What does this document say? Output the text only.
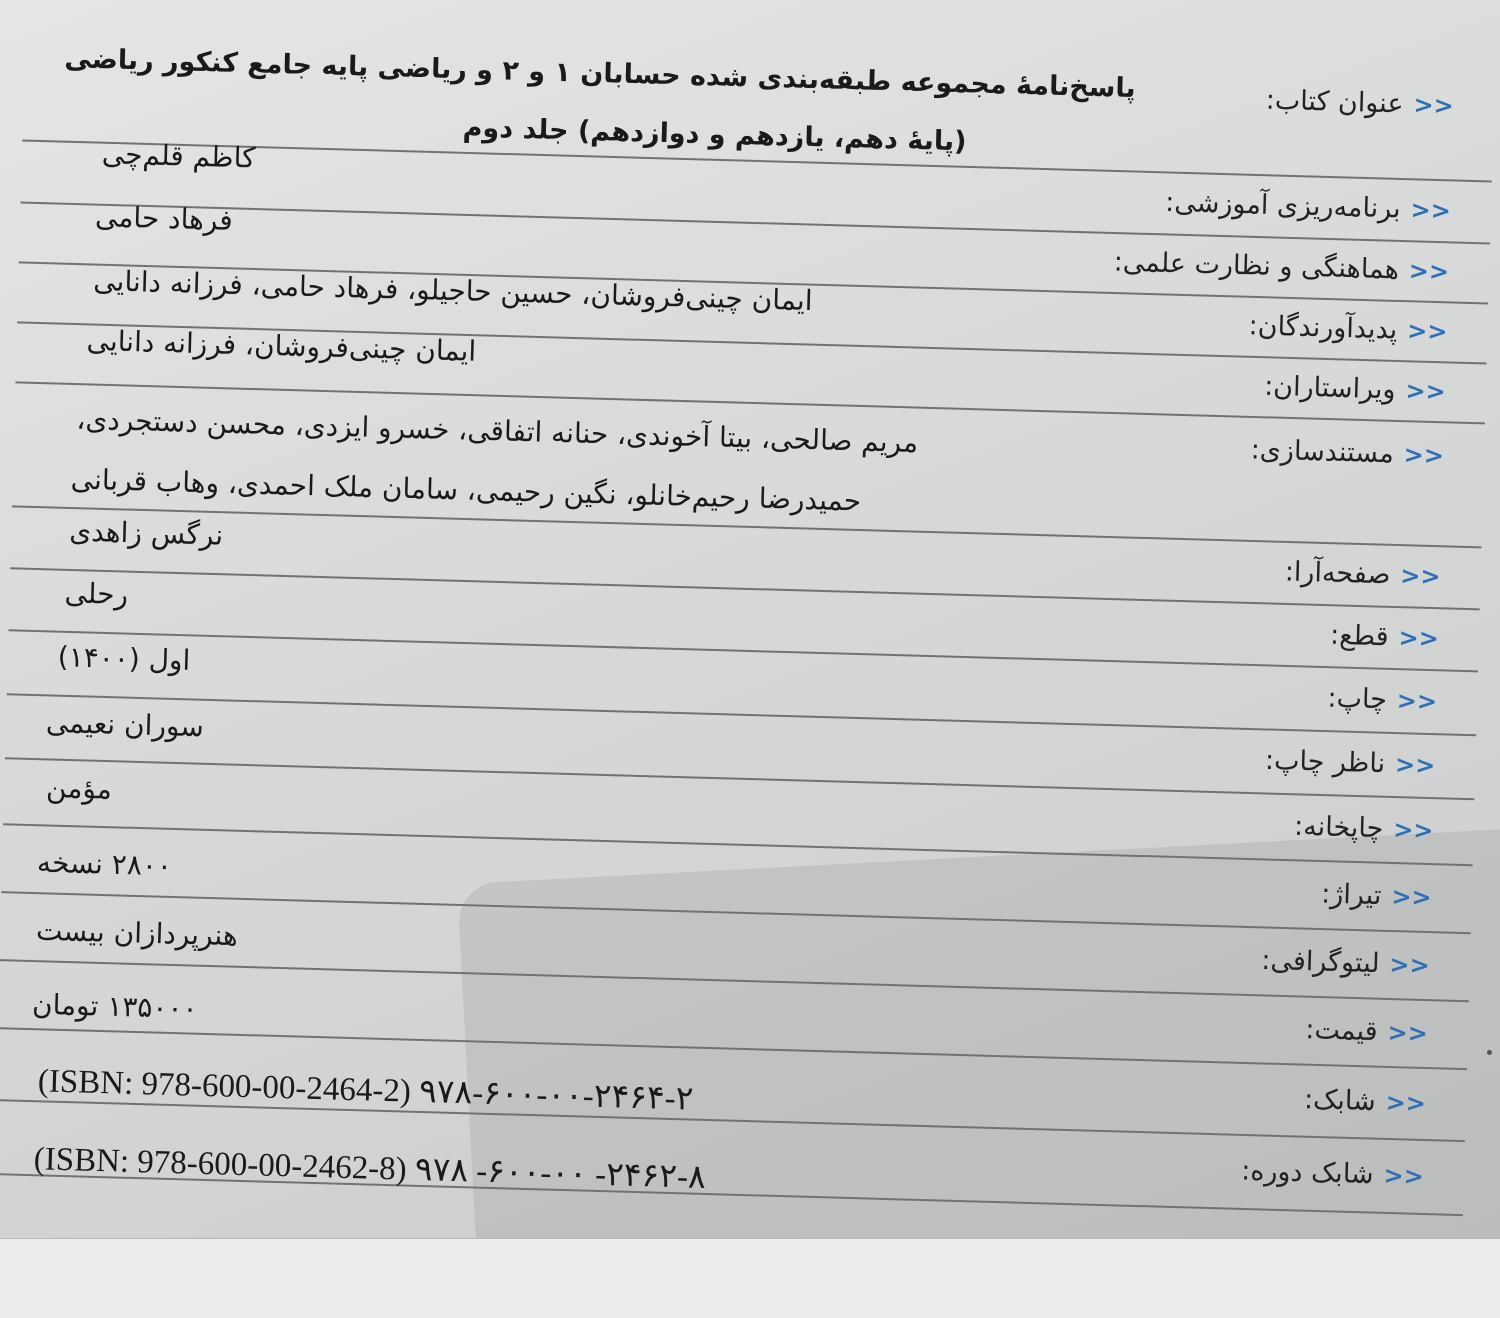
<<عنوان کتاب:
پاسخ‌نامهٔ مجموعه طبقه‌بندی شده حسابان ۱ و ۲ و ریاضی پایه جامع کنکور ریاضی
(پایهٔ دهم، یازدهم و دوازدهم) جلد دوم
<<برنامه‌ریزی آموزشی:
کاظم قلم‌چی
<<هماهنگی و نظارت علمی:
فرهاد حامی
<<پدیدآورندگان:
ایمان چینی‌فروشان، حسین حاجیلو، فرهاد حامی، فرزانه دانایی
<<ویراستاران:
ایمان چینی‌فروشان، فرزانه دانایی
<<مستندسازی:
مریم صالحی، بیتا آخوندی، حنانه اتفاقی، خسرو ایزدی، محسن دستجردی،
حمیدرضا رحیم‌خانلو، نگین رحیمی، سامان ملک احمدی، وهاب قربانی
<<صفحه‌آرا:
نرگس زاهدی
<<قطع:
رحلی
<<چاپ:
اول (۱۴۰۰)
<<ناظر چاپ:
سوران نعیمی
<<چاپخانه:
مؤمن
<<تیراژ:
۲۸۰۰ نسخه
<<لیتوگرافی:
هنرپردازان بیست
<<قیمت:
۱۳۵۰۰۰ تومان
<<شابک:
(ISBN: 978-600-00-2464-2) ۹۷۸-۶۰۰-۰۰-۲۴۶۴-۲
<<شابک دوره:
(ISBN: 978-600-00-2462-8) ۹۷۸ -۶۰۰-۰۰ -۲۴۶۲-۸
